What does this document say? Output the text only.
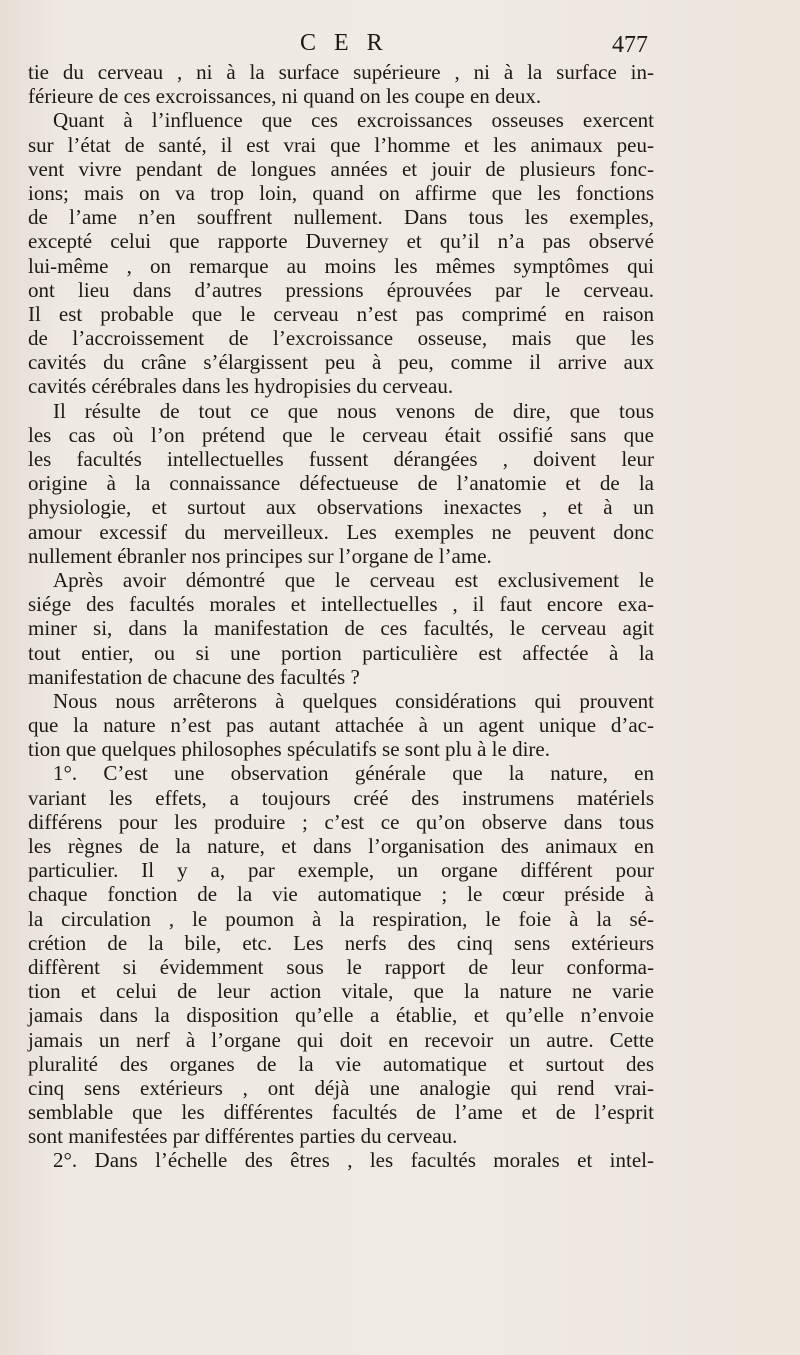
C E R	477
tie du cerveau , ni à la surface supérieure , ni à la surface in-
férieure de ces excroissances, ni quand on les coupe en deux.
Quant à l’influence que ces excroissances osseuses exercent
sur l’état de santé, il est vrai que l’homme et les animaux peu-
vent vivre pendant de longues années et jouir de plusieurs fonc-
ions; mais on va trop loin, quand on affirme que les fonctions
de l’ame n’en souffrent nullement. Dans tous les exemples,
excepté celui que rapporte Duverney et qu’il n’a pas observé
lui-même , on remarque au moins les mêmes symptômes qui
ont lieu dans d’autres pressions éprouvées par le cerveau.
Il est probable que le cerveau n’est pas comprimé en raison
de l’accroissement de l’excroissance osseuse, mais que les
cavités du crâne s’élargissent peu à peu, comme il arrive aux
cavités cérébrales dans les hydropisies du cerveau.
Il résulte de tout ce que nous venons de dire, que tous
les cas où l’on prétend que le cerveau était ossifié sans que
les facultés intellectuelles fussent dérangées , doivent leur
origine à la connaissance défectueuse de l’anatomie et de la
physiologie, et surtout aux observations inexactes , et à un
amour excessif du merveilleux. Les exemples ne peuvent donc
nullement ébranler nos principes sur l’organe de l’ame.
Après avoir démontré que le cerveau est exclusivement le
siége des facultés morales et intellectuelles , il faut encore exa-
miner si, dans la manifestation de ces facultés, le cerveau agit
tout entier, ou si une portion particulière est affectée à la
manifestation de chacune des facultés ?
Nous nous arrêterons à quelques considérations qui prouvent
que la nature n’est pas autant attachée à un agent unique d’ac-
tion que quelques philosophes spéculatifs se sont plu à le dire.
1°. C’est une observation générale que la nature, en
variant les effets, a toujours créé des instrumens matériels
différens pour les produire ; c’est ce qu’on observe dans tous
les règnes de la nature, et dans l’organisation des animaux en
particulier. Il y a, par exemple, un organe différent pour
chaque fonction de la vie automatique ; le cœur préside à
la circulation , le poumon à la respiration, le foie à la sé-
crétion de la bile, etc. Les nerfs des cinq sens extérieurs
diffèrent si évidemment sous le rapport de leur conforma-
tion et celui de leur action vitale, que la nature ne varie
jamais dans la disposition qu’elle a établie, et qu’elle n’envoie
jamais un nerf à l’organe qui doit en recevoir un autre. Cette
pluralité des organes de la vie automatique et surtout des
cinq sens extérieurs , ont déjà une analogie qui rend vrai-
semblable que les différentes facultés de l’ame et de l’esprit
sont manifestées par différentes parties du cerveau.
2°. Dans l’échelle des êtres , les facultés morales et intel-
